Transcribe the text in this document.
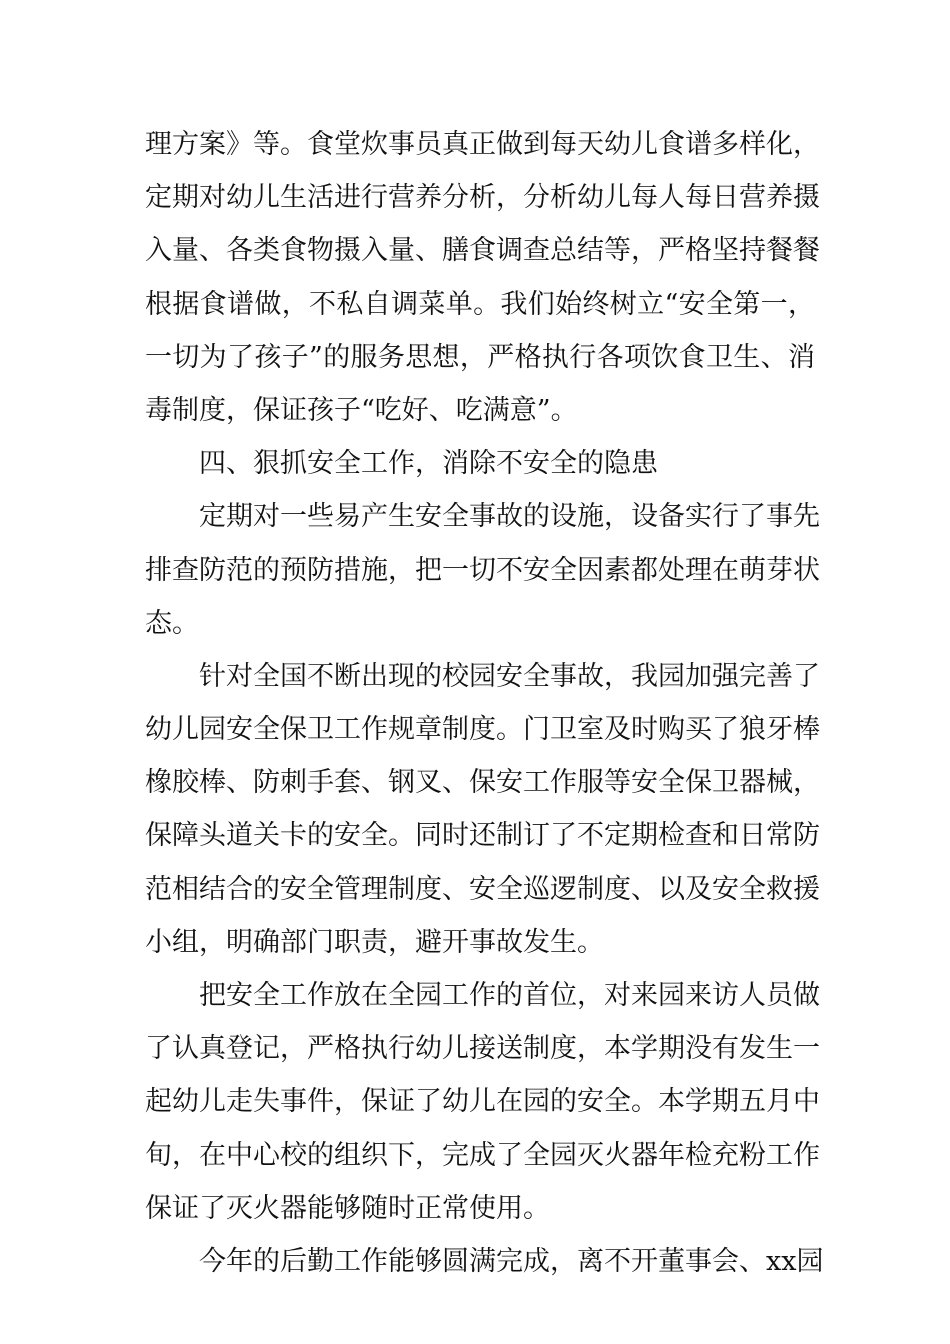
理方案》等。食堂炊事员真正做到每天幼儿食谱多样化，
定期对幼儿生活进行营养分析，分析幼儿每人每日营养摄
入量、各类食物摄入量、膳食调查总结等，严格坚持餐餐
根据食谱做，不私自调菜单。我们始终树立“安全第一，
一切为了孩子”的服务思想，严格执行各项饮食卫生、消
毒制度，保证孩子“吃好、吃满意”。
四、狠抓安全工作，消除不安全的隐患
定期对一些易产生安全事故的设施，设备实行了事先
排查防范的预防措施，把一切不安全因素都处理在萌芽状
态。
针对全国不断出现的校园安全事故，我园加强完善了
幼儿园安全保卫工作规章制度。门卫室及时购买了狼牙棒
橡胶棒、防刺手套、钢叉、保安工作服等安全保卫器械，
保障头道关卡的安全。同时还制订了不定期检查和日常防
范相结合的安全管理制度、安全巡逻制度、以及安全救援
小组，明确部门职责，避开事故发生。
把安全工作放在全园工作的首位，对来园来访人员做
了认真登记，严格执行幼儿接送制度，本学期没有发生一
起幼儿走失事件，保证了幼儿在园的安全。本学期五月中
旬，在中心校的组织下，完成了全园灭火器年检充粉工作
保证了灭火器能够随时正常使用。
今年的后勤工作能够圆满完成，离不开董事会、xx园
